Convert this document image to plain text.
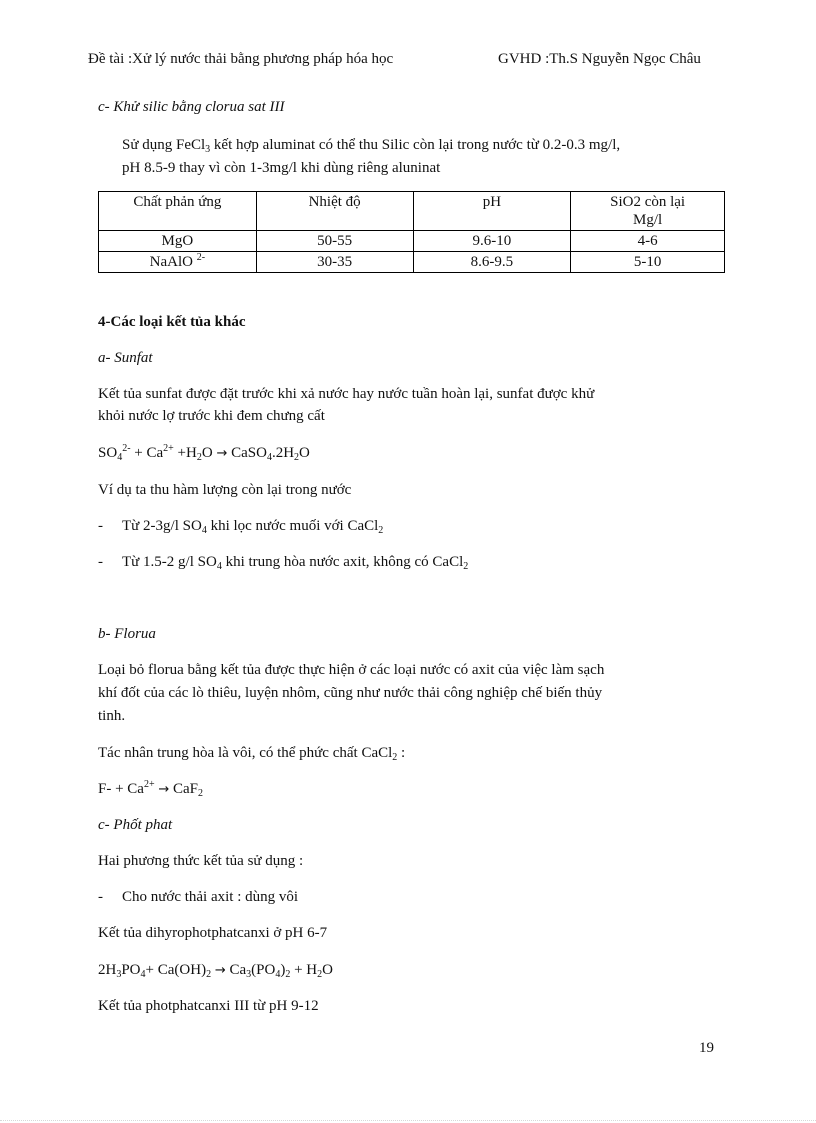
Đề tài :Xử lý nước thải bằng phương pháp hóa học	GVHD :Th.S Nguyễn Ngọc Châu
c- Khử silic bằng clorua sat III
Sử dụng FeCl$_3$ kết hợp aluminat có thể thu Silic còn lại trong nước từ 0.2-0.3 mg/l,
pH 8.5-9 thay vì còn 1-3mg/l khi dùng riêng aluninat
Chất phản ứng	Nhiệt độ	pH	SiO2 còn lại
Mg/l
MgO	50-55	9.6-10	4-6
NaAlO $^{2-}$	30-35	8.6-9.5	5-10
4-Các loại kết tủa khác
a- Sunfat
Kết tủa sunfat được đặt trước khi xả nước hay nước tuần hoàn lại, sunfat được khử
khỏi nước lợ trước khi đem chưng cất
$SO_4^{2-} + Ca^{2+} +H_2O$ → $CaSO_4.2H_2O$
Ví dụ ta thu hàm lượng còn lại trong nước
- Từ 2-3g/l $SO_4$ khi lọc nước muối với CaCl$_2$
- Từ 1.5-2 g/l $SO_4$ khi trung hòa nước axit, không có CaCl$_2$
b- Florua
Loại bỏ florua bằng kết tủa được thực hiện ở các loại nước có axit của việc làm sạch
khí đốt của các lò thiêu, luyện nhôm, cũng như nước thải công nghiệp chế biến thủy
tinh.
Tác nhân trung hòa là vôi, có thể phức chất CaCl$_2$ :
$F- + Ca^{2+} \to CaF_2$
c- Phốt phat
Hai phương thức kết tủa sử dụng :
- Cho nước thải axit : dùng vôi
Kết tủa dihyrophotphatcanxi ở pH 6-7
$2H_3PO_4+ Ca(OH)_2 \to Ca_3(PO_4)_2 + H_2O$
Kết tủa photphatcanxi III từ pH 9-12
19
